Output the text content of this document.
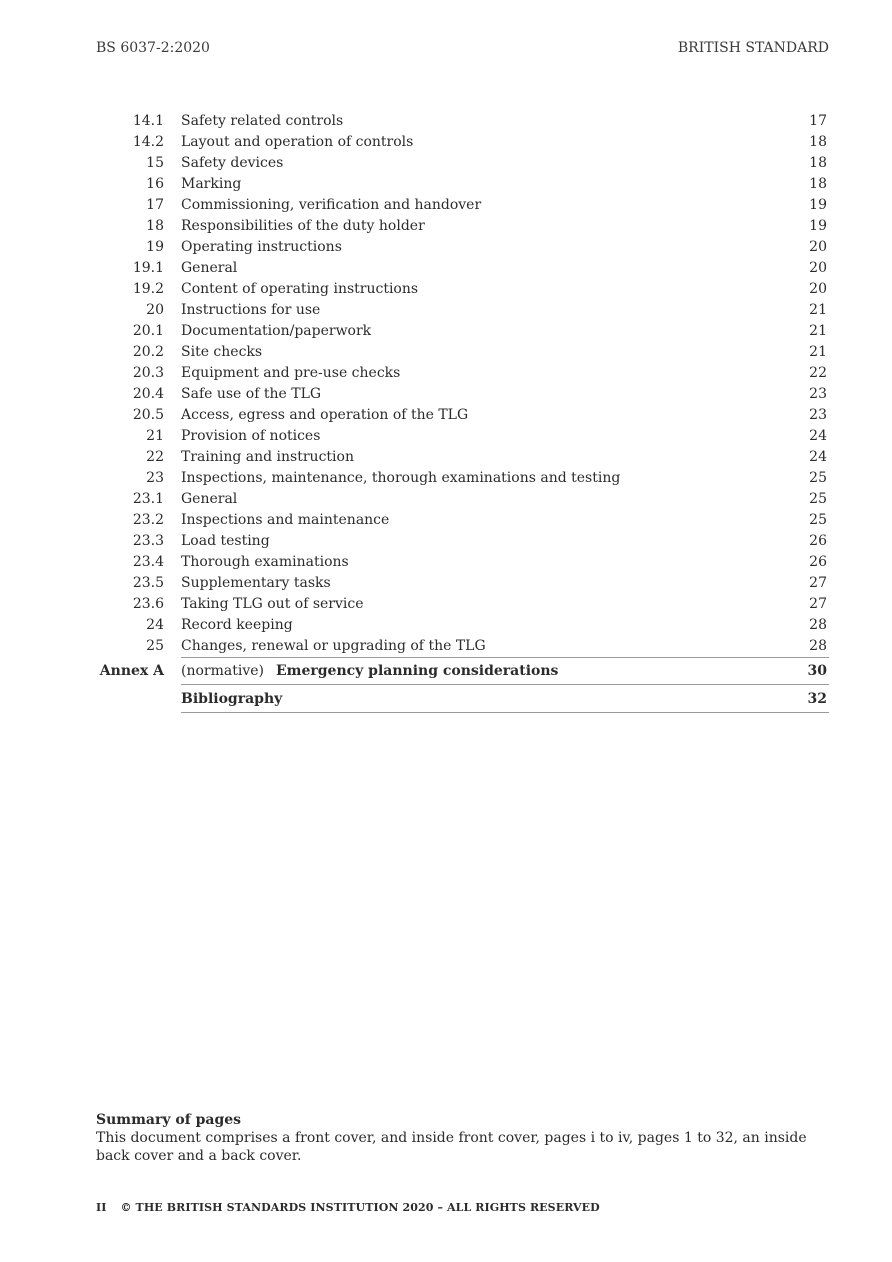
BS 6037-2:2020	BRITISH STANDARD
14.1 Safety related controls	17
14.2 Layout and operation of controls	18
15 Safety devices	18
16 Marking	18
17 Commissioning, verification and handover	19
18 Responsibilities of the duty holder	19
19 Operating instructions	20
19.1 General	20
19.2 Content of operating instructions	20
20 Instructions for use	21
20.1 Documentation/paperwork	21
20.2 Site checks	21
20.3 Equipment and pre-use checks	22
20.4 Safe use of the TLG	23
20.5 Access, egress and operation of the TLG	23
21 Provision of notices	24
22 Training and instruction	24
23 Inspections, maintenance, thorough examinations and testing	25
23.1 General	25
23.2 Inspections and maintenance	25
23.3 Load testing	26
23.4 Thorough examinations	26
23.5 Supplementary tasks	27
23.6 Taking TLG out of service	27
24 Record keeping	28
25 Changes, renewal or upgrading of the TLG	28
Annex A (normative) Emergency planning considerations	30
Bibliography	32
Summary of pages
This document comprises a front cover, and inside front cover, pages i to iv, pages 1 to 32, an inside back cover and a back cover.
II © THE BRITISH STANDARDS INSTITUTION 2020 – ALL RIGHTS RESERVED
